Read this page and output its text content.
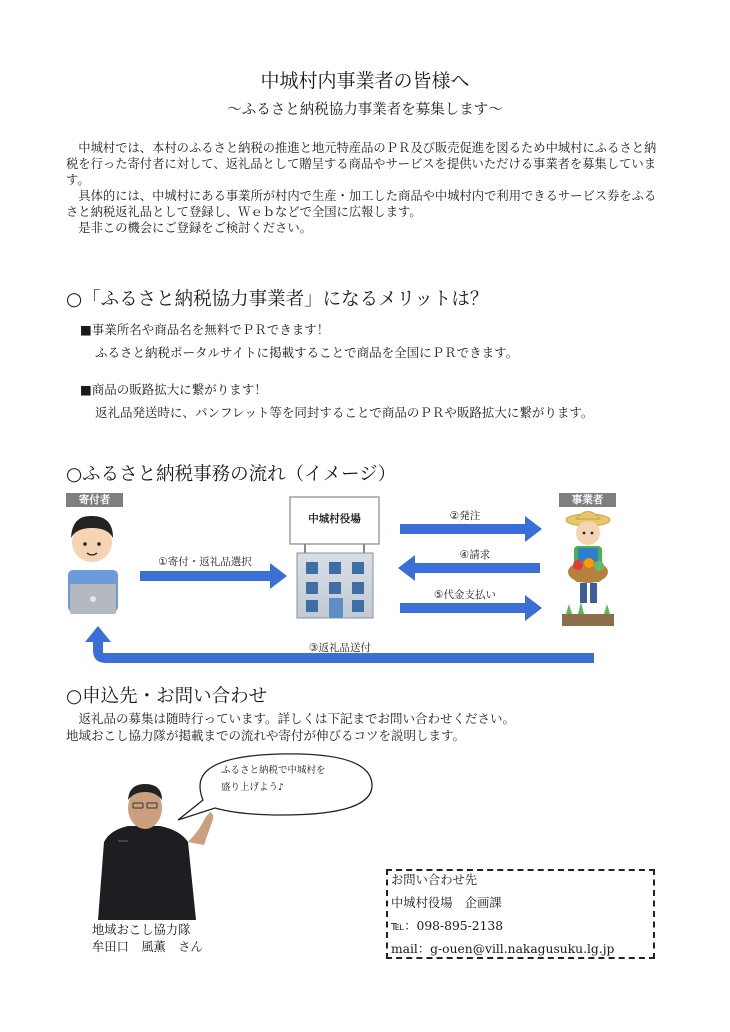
中城村内事業者の皆様へ
～ふるさと納税協力事業者を募集します～

　中城村では、本村のふるさと納税の推進と地元特産品のＰＲ及び販売促進を図るため中城村にふるさと納税を行った寄付者に対して、返礼品として贈呈する商品やサービスを提供いただける事業者を募集しています。

　具体的には、中城村にある事業所が村内で生産・加工した商品や中城村内で利用できるサービス券をふるさと納税返礼品として登録し、Ｗｅｂなどで全国に広報します。

　是非この機会にご登録をご検討ください。

○「ふるさと納税協力事業者」になるメリットは？
■事業所名や商品名を無料でＰＲできます！
ふるさと納税ポータルサイトに掲載することで商品を全国にＰＲできます。
■商品の販路拡大に繋がります！
返礼品発送時に、パンフレット等を同封することで商品のＰＲや販路拡大に繋がります。
○ふるさと納税事務の流れ（イメージ）
寄付者	事業者
中城村役場
①寄付・返礼品選択
②発注
④請求
⑤代金支払い
③返礼品送付
○申込先・お問い合わせ
　返礼品の募集は随時行っています。詳しくは下記までお問い合わせください。
地域おこし協力隊が掲載までの流れや寄付が伸びるコツを説明します。
ふるさと納税で中城村を
盛り上げよう♪
地域おこし協力隊
牟田口　風薫　さん
お問い合わせ先
中城村役場　企画課
℡：098-895-2138
mail：g-ouen@vill.nakagusuku.lg.jp
